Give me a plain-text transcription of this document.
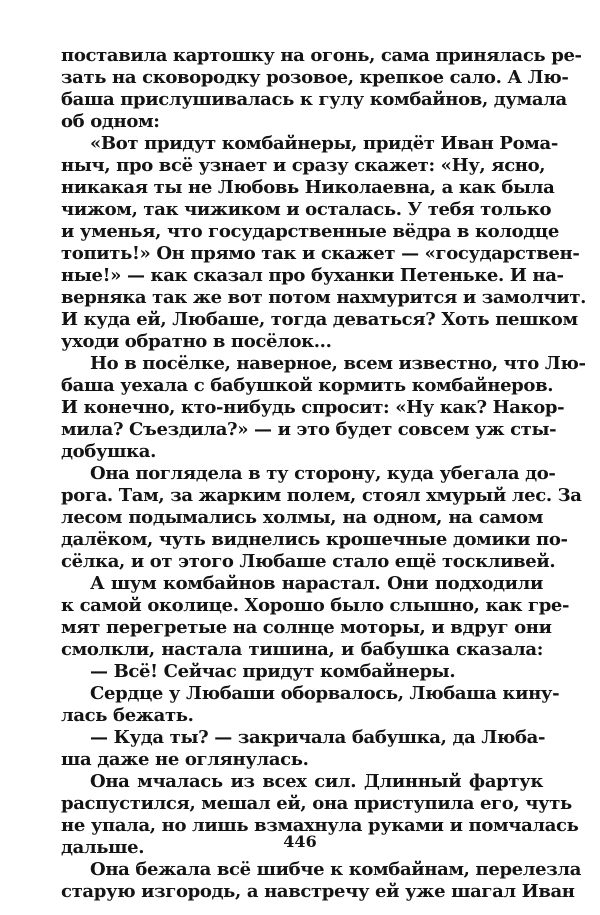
поставила картошку на огонь, сама принялась ре-
зать на сковородку розовое, крепкое сало. А Лю-
баша прислушивалась к гулу комбайнов, думала
об одном:
«Вот придут комбайнеры, придёт Иван Рома-
ныч, про всё узнает и сразу скажет: «Ну, ясно,
никакая ты не Любовь Николаевна, а как была
чижом, так чижиком и осталась. У тебя только
и уменья, что государственные вёдра в колодце
топить!» Он прямо так и скажет — «государствен-
ные!» — как сказал про буханки Петеньке. И на-
верняка так же вот потом нахмурится и замолчит.
И куда ей, Любаше, тогда деваться? Хоть пешком
уходи обратно в посёлок...
Но в посёлке, наверное, всем известно, что Лю-
баша уехала с бабушкой кормить комбайнеров.
И конечно, кто-нибудь спросит: «Ну как? Накор-
мила? Съездила?» — и это будет совсем уж сты-
добушка.
Она поглядела в ту сторону, куда убегала до-
рога. Там, за жарким полем, стоял хмурый лес. За
лесом подымались холмы, на одном, на самом
далёком, чуть виднелись крошечные домики по-
сёлка, и от этого Любаше стало ещё тоскливей.
А шум комбайнов нарастал. Они подходили
к самой околице. Хорошо было слышно, как гре-
мят перегретые на солнце моторы, и вдруг они
смолкли, настала тишина, и бабушка сказала:
— Всё! Сейчас придут комбайнеры.
Сердце у Любаши оборвалось, Любаша кину-
лась бежать.
— Куда ты? — закричала бабушка, да Люба-
ша даже не оглянулась.
Она мчалась из всех сил. Длинный фартук
распустился, мешал ей, она приступила его, чуть
не упала, но лишь взмахнула руками и помчалась
дальше.
Она бежала всё шибче к комбайнам, перелезла
старую изгородь, а навстречу ей уже шагал Иван
446
